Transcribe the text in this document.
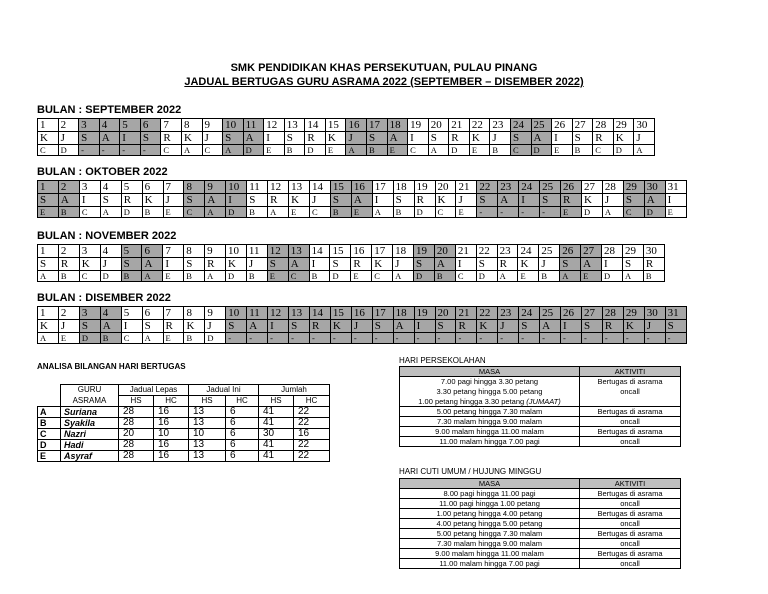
SMK PENDIDIKAN KHAS PERSEKUTUAN, PULAU PINANG
JADUAL BERTUGAS GURU ASRAMA 2022 (SEPTEMBER – DISEMBER 2022)
BULAN : SEPTEMBER 2022
1	2	3	4	5	6	7	8	9	10	11	12	13	14	15	16	17	18	19	20	21	22	23	24	25	26	27	28	29	30
K	J	S	A	I	S	R	K	J	S	A	I	S	R	K	J	S	A	I	S	R	K	J	S	A	I	S	R	K	J
C	D	-	-	-	-	C	A	C	A	D	E	B	D	E	A	B	E	C	A	D	E	B	C	D	E	B	C	D	A
BULAN : OKTOBER 2022
1	2	3	4	5	6	7	8	9	10	11	12	13	14	15	16	17	18	19	20	21	22	23	24	25	26	27	28	29	30	31
S	A	I	S	R	K	J	S	A	I	S	R	K	J	S	A	I	S	R	K	J	S	A	I	S	R	K	J	S	A	I
E	B	C	A	D	B	E	C	A	D	B	A	E	C	B	E	A	B	D	C	E	-	-	-	-	E	D	A	C	D	E
BULAN : NOVEMBER 2022
1	2	3	4	5	6	7	8	9	10	11	12	13	14	15	16	17	18	19	20	21	22	23	24	25	26	27	28	29	30
S	R	K	J	S	A	I	S	R	K	J	S	A	I	S	R	K	J	S	A	I	S	R	K	J	S	A	I	S	R
A	B	C	D	B	A	E	B	A	D	B	E	C	B	D	E	C	A	D	B	C	D	A	E	B	A	E	D	A	B
BULAN : DISEMBER 2022
1	2	3	4	5	6	7	8	9	10	11	12	13	14	15	16	17	18	19	20	21	22	23	24	25	26	27	28	29	30	31
K	J	S	A	I	S	R	K	J	S	A	I	S	R	K	J	S	A	I	S	R	K	J	S	A	I	S	R	K	J	S
A	E	D	B	C	A	E	B	D	-	-	-	-	-	-	-	-	-	-	-	-	-	-	-	-	-	-	-	-	-	-
ANALISA BILANGAN HARI BERTUGAS
	GURU	Jadual Lepas		Jadual Ini		Jumlah	
	ASRAMA	HS	HC	HS	HC	HS	HC
A	Suriana	28	16	13	6	41	22
B	Syakila	28	16	13	6	41	22
C	Nazri	20	10	10	6	30	16
D	Hadi	28	16	13	6	41	22
E	Asyraf	28	16	13	6	41	22
HARI PERSEKOLAHAN
MASA	AKTIVITI
7.00 pagi hingga 3.30 petang	Bertugas di asrama
3.30 petang hingga 5.00 petang	oncall
1.00 petang hingga 3.30 petang (JUMAAT)	
5.00 petang hingga 7.30 malam	Bertugas di asrama
7.30 malam hingga 9.00 malam	oncall
9.00 malam hingga 11.00 malam	Bertugas di asrama
11.00 malam hingga 7.00 pagi	oncall
HARI CUTI UMUM / HUJUNG MINGGU
MASA	AKTIVITI
8.00 pagi hingga 11.00 pagi	Bertugas di asrama
11.00 pagi hingga 1.00 petang	oncall
1.00 petang hingga 4.00 petang	Bertugas di asrama
4.00 petang hingga 5.00 petang	oncall
5.00 petang hingga 7.30 malam	Bertugas di asrama
7.30 malam hingga 9.00 malam	oncall
9.00 malam hingga 11.00 malam	Bertugas di asrama
11.00 malam hingga 7.00 pagi	oncall
